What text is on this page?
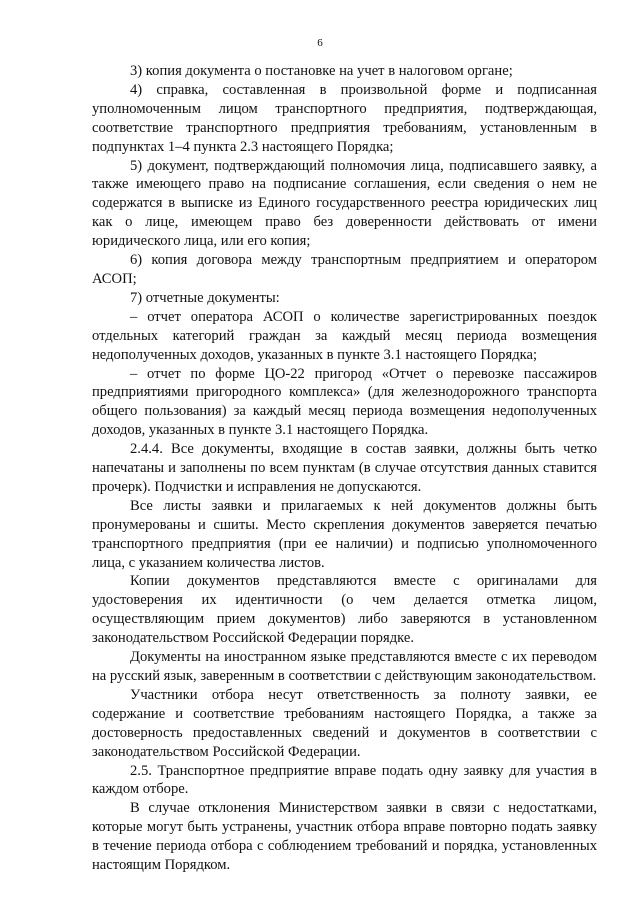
6

3) копия документа о постановке на учет в налоговом органе;

4) справка, составленная в произвольной форме и подписанная уполномоченным лицом транспортного предприятия, подтверждающая, соответствие транспортного предприятия требованиям, установленным в подпунктах 1–4 пункта 2.3 настоящего Порядка;

5) документ, подтверждающий полномочия лица, подписавшего заявку, а также имеющего право на подписание соглашения, если сведения о нем не содержатся в выписке из Единого государственного реестра юридических лиц как о лице, имеющем право без доверенности действовать от имени юридического лица, или его копия;

6) копия договора между транспортным предприятием и оператором АСОП;

7) отчетные документы:

– отчет оператора АСОП о количестве зарегистрированных поездок отдельных категорий граждан за каждый месяц периода возмещения недополученных доходов, указанных в пункте 3.1 настоящего Порядка;

– отчет по форме ЦО-22 пригород «Отчет о перевозке пассажиров предприятиями пригородного комплекса» (для железнодорожного транспорта общего пользования) за каждый месяц периода возмещения недополученных доходов, указанных в пункте 3.1 настоящего Порядка.

2.4.4. Все документы, входящие в состав заявки, должны быть четко напечатаны и заполнены по всем пунктам (в случае отсутствия данных ставится прочерк). Подчистки и исправления не допускаются.

Все листы заявки и прилагаемых к ней документов должны быть пронумерованы и сшиты. Место скрепления документов заверяется печатью транспортного предприятия (при ее наличии) и подписью уполномоченного лица, с указанием количества листов.

Копии документов представляются вместе с оригиналами для удостоверения их идентичности (о чем делается отметка лицом, осуществляющим прием документов) либо заверяются в установленном законодательством Российской Федерации порядке.

Документы на иностранном языке представляются вместе с их переводом на русский язык, заверенным в соответствии с действующим законодательством.

Участники отбора несут ответственность за полноту заявки, ее содержание и соответствие требованиям настоящего Порядка, а также за достоверность предоставленных сведений и документов в соответствии с законодательством Российской Федерации.

2.5. Транспортное предприятие вправе подать одну заявку для участия в каждом отборе.

В случае отклонения Министерством заявки в связи с недостатками, которые могут быть устранены, участник отбора вправе повторно подать заявку в течение периода отбора с соблюдением требований и порядка, установленных настоящим Порядком.
